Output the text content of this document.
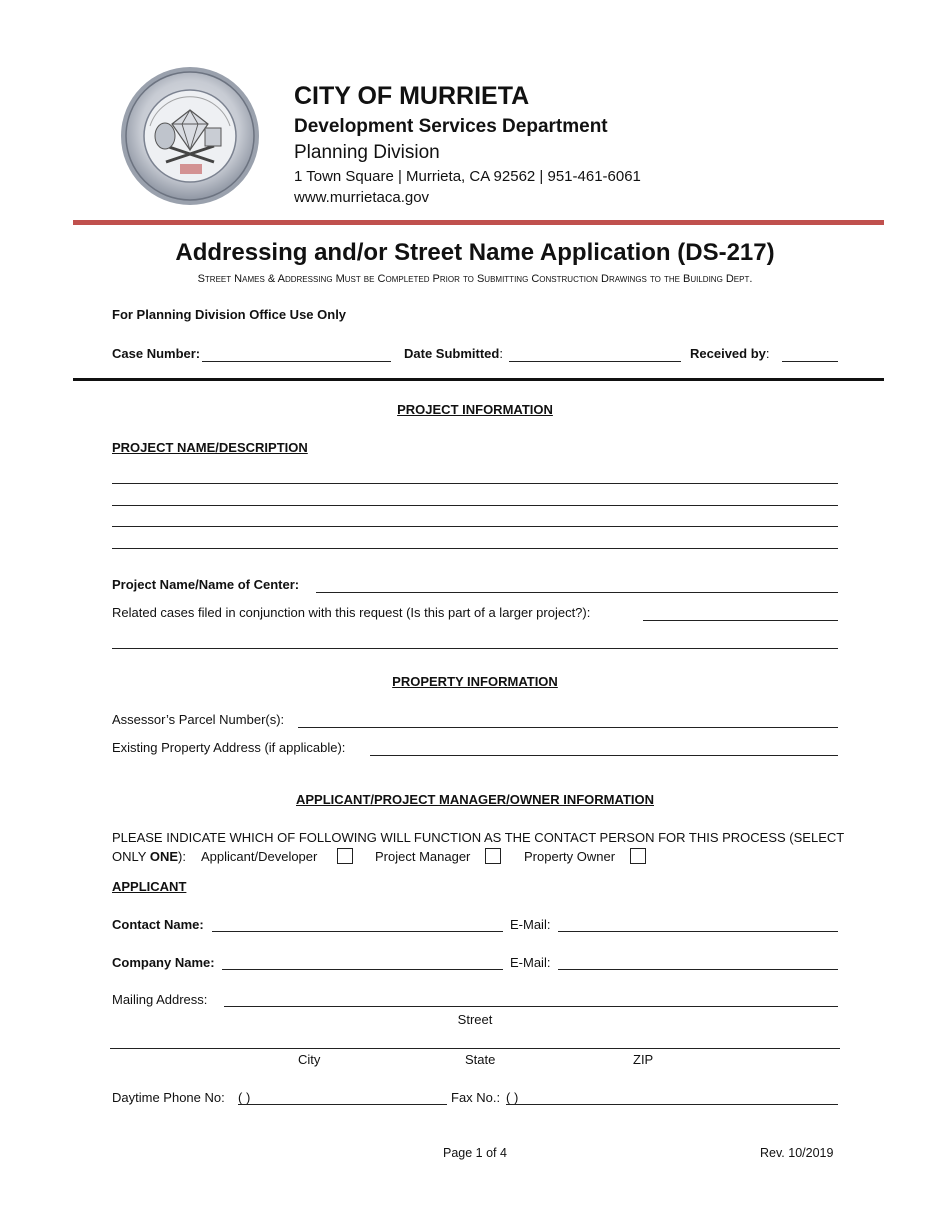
CITY OF MURRIETA
Development Services Department
Planning Division
1 Town Square | Murrieta, CA 92562 | 951-461-6061
www.murrietaca.gov
Addressing and/or Street Name Application (DS-217)
Street Names & Addressing Must be Completed Prior to Submitting Construction Drawings to the Building Dept.
For Planning Division Office Use Only
Case Number:	Date Submitted:	Received by:
PROJECT INFORMATION
PROJECT NAME/DESCRIPTION
Project Name/Name of Center:
Related cases filed in conjunction with this request (Is this part of a larger project?):
PROPERTY INFORMATION
Assessor’s Parcel Number(s):
Existing Property Address (if applicable):
APPLICANT/PROJECT MANAGER/OWNER INFORMATION
PLEASE INDICATE WHICH OF FOLLOWING WILL FUNCTION AS THE CONTACT PERSON FOR THIS PROCESS (SELECT
ONLY ONE): Applicant/Developer	Project Manager	Property Owner
APPLICANT
Contact Name:	E-Mail:
Company Name:	E-Mail:
Mailing Address:
Street
City	State	ZIP
Daytime Phone No: ( )	Fax No.: ( )
Page 1 of 4	Rev. 10/2019
